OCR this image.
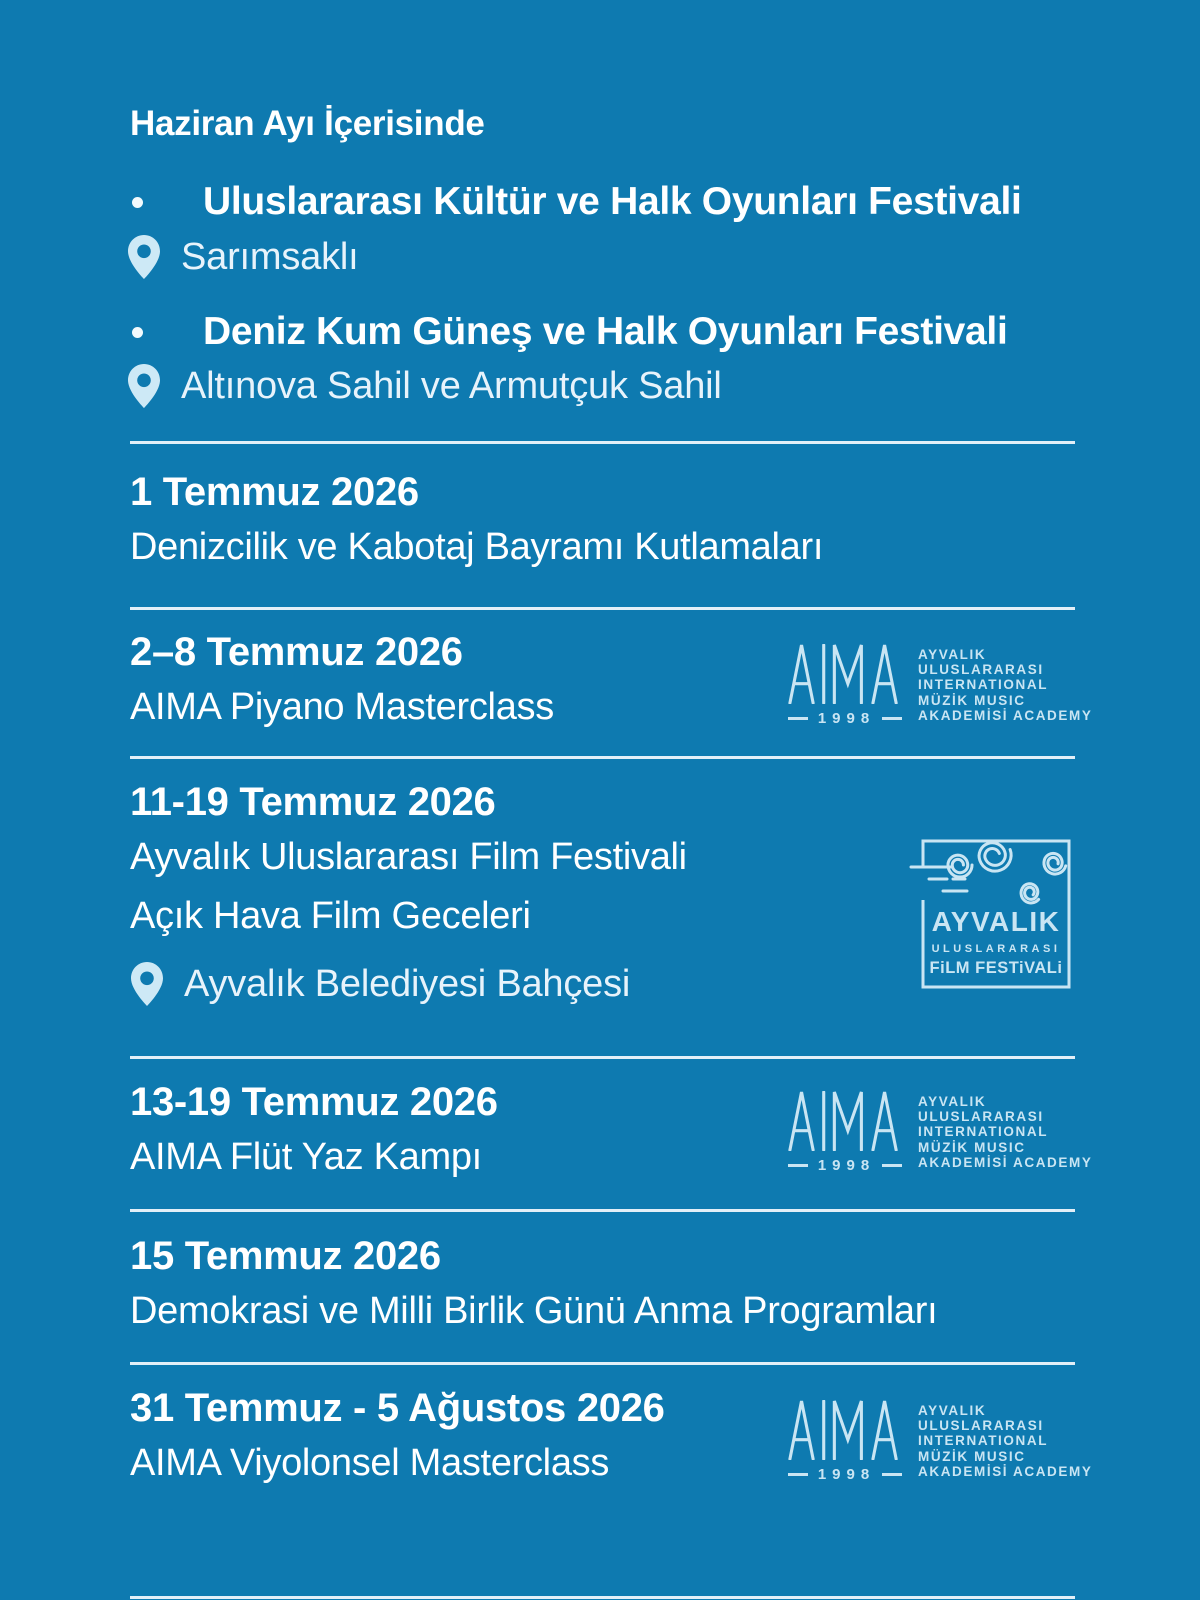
Haziran Ayı İçerisinde
Uluslararası Kültür ve Halk Oyunları Festivali
Sarımsaklı
Deniz Kum Güneş ve Halk Oyunları Festivali
Altınova Sahil ve Armutçuk Sahil
1 Temmuz 2026
Denizcilik ve Kabotaj Bayramı Kutlamaları
2–8 Temmuz 2026
AIMA Piyano Masterclass	1998
AYVALIK
ULUSLARARASI
INTERNATIONAL
MÜZİK MUSIC
AKADEMİSİ ACADEMY
11-19 Temmuz 2026
Ayvalık Uluslararası Film Festivali
Açık Hava Film Geceleri
Ayvalık Belediyesi Bahçesi
AYVALIK
ULUSLARARASI
FiLM FESTiVALi
13-19 Temmuz 2026
AIMA Flüt Yaz Kampı	1998
AYVALIK
ULUSLARARASI
INTERNATIONAL
MÜZİK MUSIC
AKADEMİSİ ACADEMY
15 Temmuz 2026
Demokrasi ve Milli Birlik Günü Anma Programları
31 Temmuz - 5 Ağustos 2026
AIMA Viyolonsel Masterclass	1998
AYVALIK
ULUSLARARASI
INTERNATIONAL
MÜZİK MUSIC
AKADEMİSİ ACADEMY
